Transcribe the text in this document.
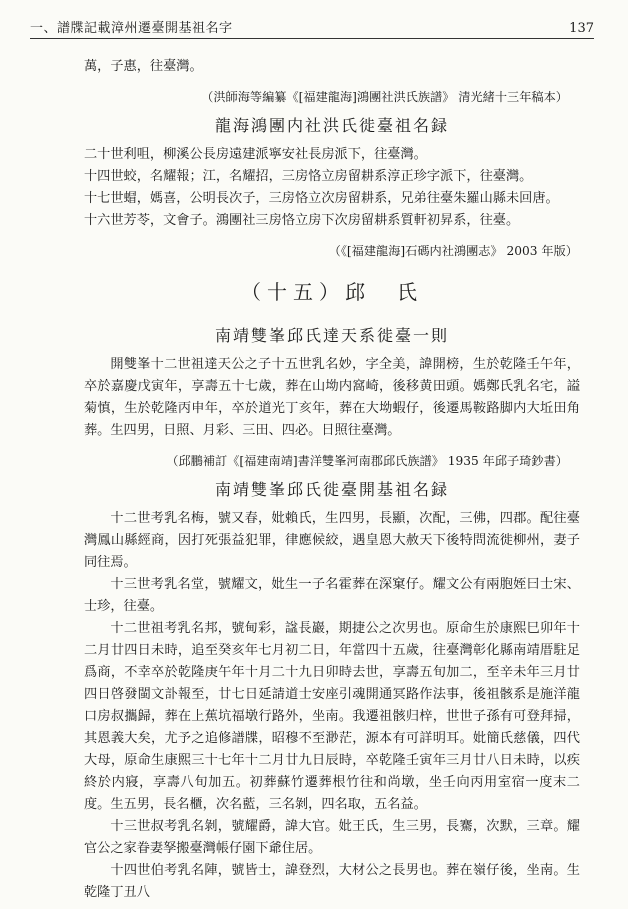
一、譜牒記載漳州遷臺開基祖名字	137

萬，子惠，往臺灣。

（洪師海等編纂《[福建龍海]鴻團社洪氏族譜》 清光緒十三年稿本）

龍海鴻團内社洪氏徙臺祖名録

二十世利咀，柳溪公長房遠建派寧安社長房派下，往臺灣。

十四世蛟，名耀報；江，名耀招，三房恪立房留耕系淳正珍字派下，往臺灣。

十七世蝐，媽喜，公明長次子，三房恪立次房留耕系，兄弟往臺朱羅山縣未回唐。

十六世芳苓，文會子。鴻團社三房恪立房下次房留耕系質軒初昇系，往臺。

（《[福建龍海]石碼内社鴻團志》 2003 年版）

（十五）邱　氏

南靖雙峯邱氏達天系徙臺一則

開雙峯十二世祖達天公之子十五世乳名妙，字全美，諱開榜，生於乾隆壬午年，卒於嘉慶戊寅年，享壽五十七歲，葬在山坳内窩崎，後移黄田頭。媽鄭氏乳名宅，謚菊慎，生於乾隆丙申年，卒於道光丁亥年，葬在大坳蝦仔，後遷馬鞍路脚内大坵田角葬。生四男，日照、月彩、三田、四必。日照往臺灣。

（邱鵬補訂《[福建南靖]書洋雙峯河南郡邱氏族譜》 1935 年邱子琦鈔書）

南靖雙峯邱氏徙臺開基祖名録

十二世考乳名梅，號又春，妣賴氏，生四男，長顯，次配，三佛，四郡。配往臺灣鳳山縣經商，因打死張益犯罪，律應候絞，遇皇恩大赦天下後特問流徙柳州，妻子同往焉。

十三世考乳名堂，號耀文，妣生一子名霍葬在深窠仔。耀文公有兩胞姪曰士宋、士珍，往臺。

十二世祖考乳名邦，號甸彩，諡長巖，期捷公之次男也。原命生於康熙巳卯年十二月廿四日未時，追至癸亥年七月初二日，年當四十五歲，往臺灣彰化縣南靖厝駐足爲商，不幸卒於乾隆庚午年十月二十九日卯時去世，享壽五旬加二，至辛未年三月廿四日啓發閩文訃報至，廿七日延請道士安座引魂開通冥路作法事，後祖骸系是施洋龍口房叔攜歸，葬在上蕉坑福墩行路外，坐南。我遷祖骸归梓，世世子孫有可登拜掃，其恩義大矣，尤予之追修譜牒，昭穆不至渺茫，源本有可詳明耳。妣簡氏慈儀，四代大母，原命生康熙三十七年十二月廿九日辰時，卒乾隆壬寅年三月廿八日未時，以疾終於内寢，享壽八旬加五。初葬蘇竹遷葬根竹往和尚墩，坐壬向丙用室宿一度末二度。生五男，長名櫃，次名藍，三名剝，四名取，五名益。

十三世叔考乳名剝，號耀爵，諱大官。妣王氏，生三男，長騫，次默，三章。耀官公之家眷妻孥搬臺灣帳仔園下爺住居。

十四世伯考乳名陣，號皆士，諱登烈，大材公之長男也。葬在嶺仔後，坐南。生乾隆丁丑八
